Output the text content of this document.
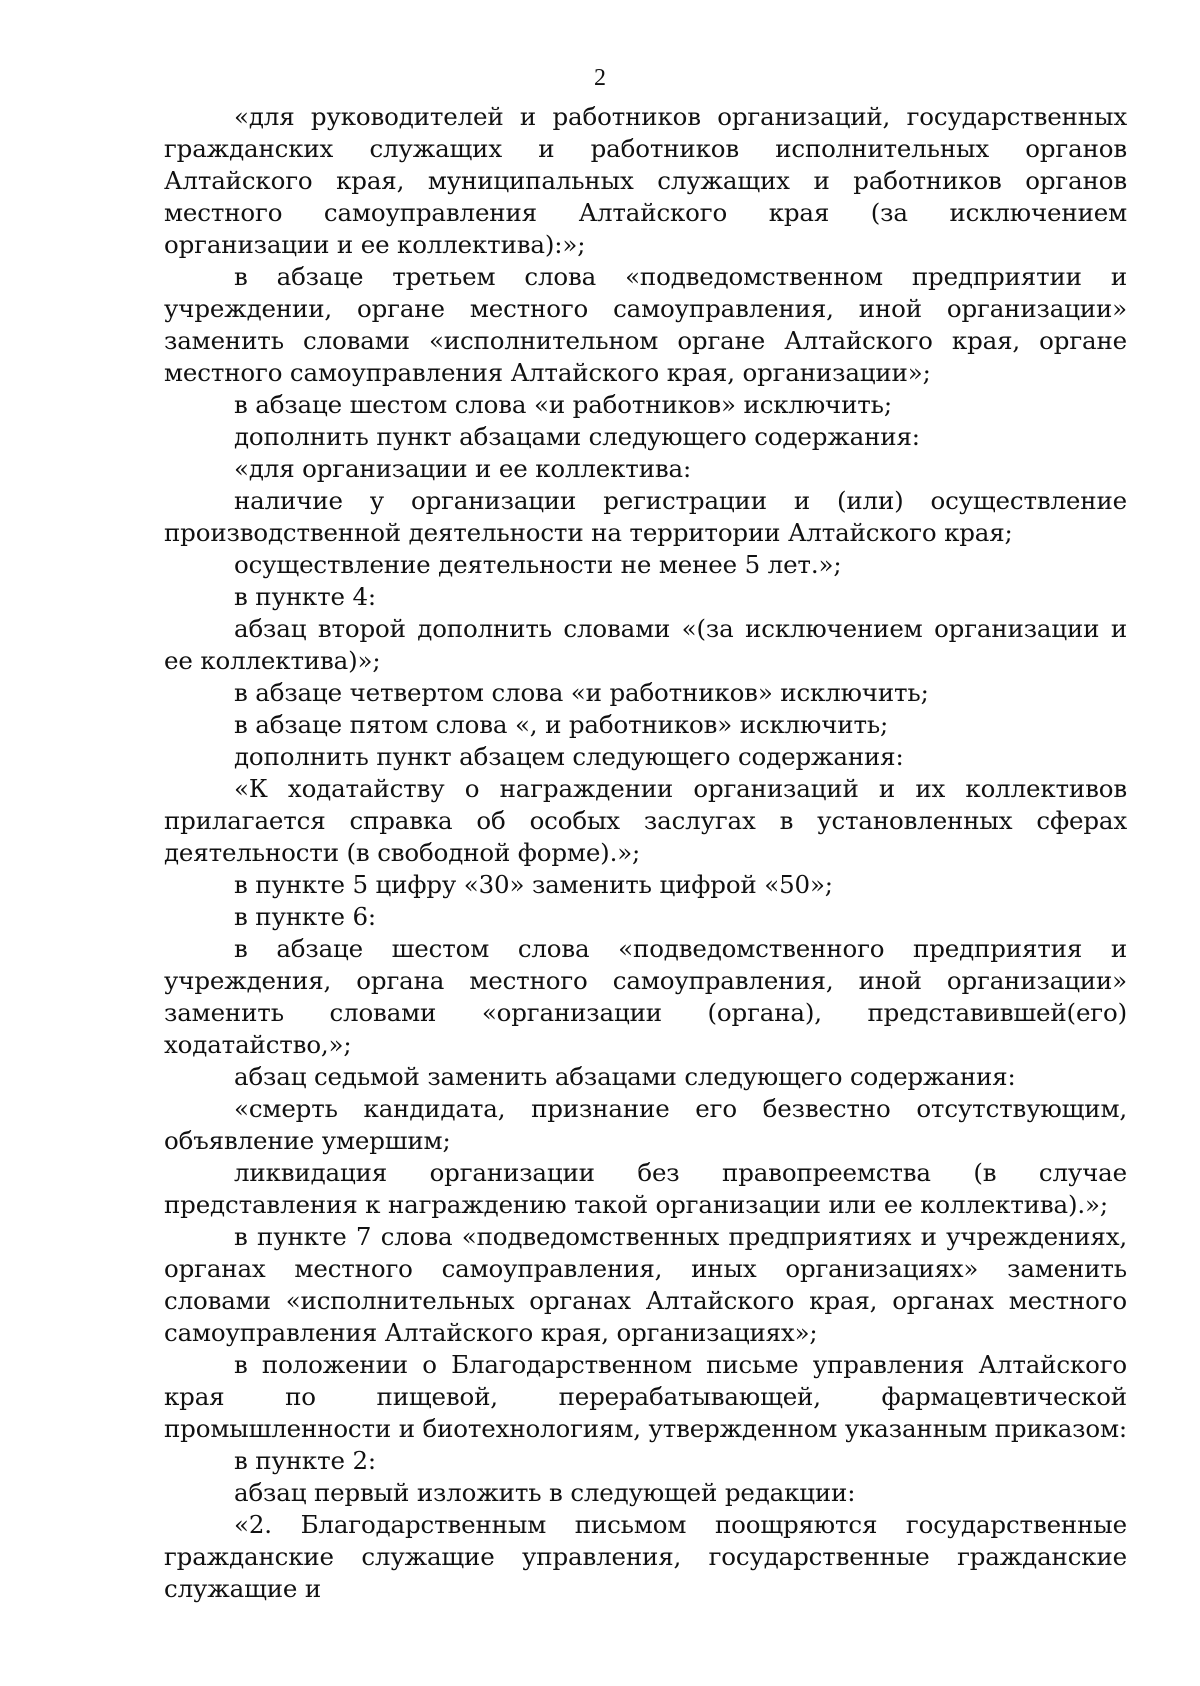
2

«для руководителей и работников организаций, государственных гражданских служащих и работников исполнительных органов Алтайского края, муниципальных служащих и работников органов местного самоуправления Алтайского края (за исключением организации и ее коллектива):»;

в абзаце третьем слова «подведомственном предприятии и учреждении, органе местного самоуправления, иной организации» заменить словами «исполнительном органе Алтайского края, органе местного самоуправления Алтайского края, организации»;

в абзаце шестом слова «и работников» исключить;

дополнить пункт абзацами следующего содержания:

«для организации и ее коллектива:

наличие у организации регистрации и (или) осуществление производственной деятельности на территории Алтайского края;

осуществление деятельности не менее 5 лет.»;

в пункте 4:

абзац второй дополнить словами «(за исключением организации и ее коллектива)»;

в абзаце четвертом слова «и работников» исключить;

в абзаце пятом слова «, и работников» исключить;

дополнить пункт абзацем следующего содержания:

«К ходатайству о награждении организаций и их коллективов прилагается справка об особых заслугах в установленных сферах деятельности (в свободной форме).»;

в пункте 5 цифру «30» заменить цифрой «50»;

в пункте 6:

в абзаце шестом слова «подведомственного предприятия и учреждения, органа местного самоуправления, иной организации» заменить словами «организации (органа), представившей(его) ходатайство,»;

абзац седьмой заменить абзацами следующего содержания:

«смерть кандидата, признание его безвестно отсутствующим, объявление умершим;

ликвидация организации без правопреемства (в случае представления к награждению такой организации или ее коллектива).»;

в пункте 7 слова «подведомственных предприятиях и учреждениях, органах местного самоуправления, иных организациях» заменить словами «исполнительных органах Алтайского края, органах местного самоуправления Алтайского края, организациях»;

в положении о Благодарственном письме управления Алтайского края по пищевой, перерабатывающей, фармацевтической промышленности и биотехнологиям, утвержденном указанным приказом:

в пункте 2:

абзац первый изложить в следующей редакции:

«2. Благодарственным письмом поощряются государственные гражданские служащие управления, государственные гражданские служащие и
